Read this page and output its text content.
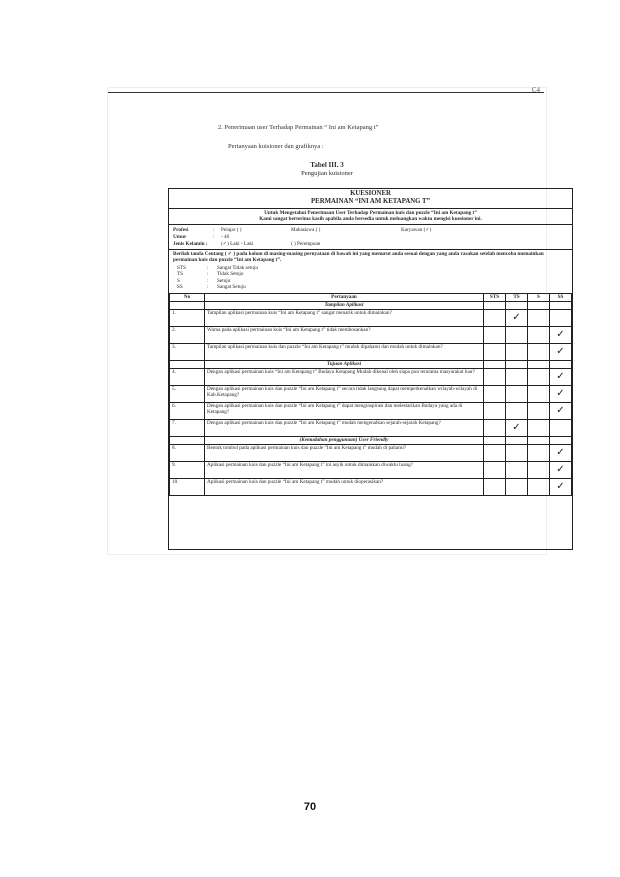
C4
2. Penerimaan user Terhadap Permainan “ Ini am Ketapang t”
Pertanyaan kuisioner dan grafiknya :
Tabel III. 3
Pengujian kuisioner
KUESIONER
PERMAINAN “INI AM KETAPANG T”
Untuk Mengetahui Penerimaan User Terhadap Permainan kuis dan puzzle “Ini am Ketapang t”
Kami sangat berterima kasih apabila anda bersedia untuk meluangkan waktu mengisi kuesioner ini.
Profesi	:	Pelajar ( )	Mahasiswa ( )	Karyawan (✓)
Umur	:	- 46
Jenis Kelamin :	(✓) Laki - Laki	( ) Perempuan
Berilah tanda Centang ( ✓ ) pada kolom di masing-masing pernyataan di bawah ini yang menurut anda sesuai dengan yang anda rasakan setelah mencoba memainkan permainan kuis dan puzzle “Ini am Ketapang t”.
STS	:	Sangat Tidak setuju
TS	:	Tidak Setuju
S	:	Setuju
SS	:	Sangat Setuju
No	Pertanyaan	STS	TS	S	SS
	Tampilan Aplikasi				
1.	Tampilan aplikasi permainan kuis “Ini am Ketapang t” sangat menarik untuk dimainkan?		✓		
2.	Warna pada aplikasi permainan kuis “Ini am Ketapang t” tidak membosankan?				✓
3.	Tampilan aplikasi permainan kuis dan puzzle “Ini am Ketapang t” mudah dipahami dan mudah untuk dimainkan?				✓
	Tujuan Aplikasi				
4.	Dengan aplikasi permainan kuis “Ini am Ketapang t” Budaya Ketapang Mudah dikenal oleh siapa pun terutama masyarakat luar?				✓
5.	Dengan aplikasi permainan kuis dan puzzle “Ini am Ketapang t” secara tidak langsung dapat memperkenalkan wilayah-wilayah di Kab.Ketapang?				✓
6.	Dengan aplikasi permainan kuis dan puzzle “Ini am Ketapang t” dapat menginspirasi dan melestarikan Budaya yang ada di Ketapang?				✓
7.	Dengan aplikasi permainan kuis dan puzzle “Ini am Ketapang t” mudah mengenalkan sejarah-sejarah Ketapang?		✓		
	(Kemudahan penggunaan) User Friendly				
8.	Bentuk tombol pada aplikasi permainan kuis dan puzzle “Ini am Ketapang t” mudah di pahami?				✓
9.	Aplikasi permainan kuis dan puzzle “Ini am Ketapang t” ini asyik untuk dimainkan diwaktu luang?				✓
10.	Aplikasi permainan kuis dan puzzle “Ini am Ketapang t” mudah untuk dioperasikan?				✓
70
